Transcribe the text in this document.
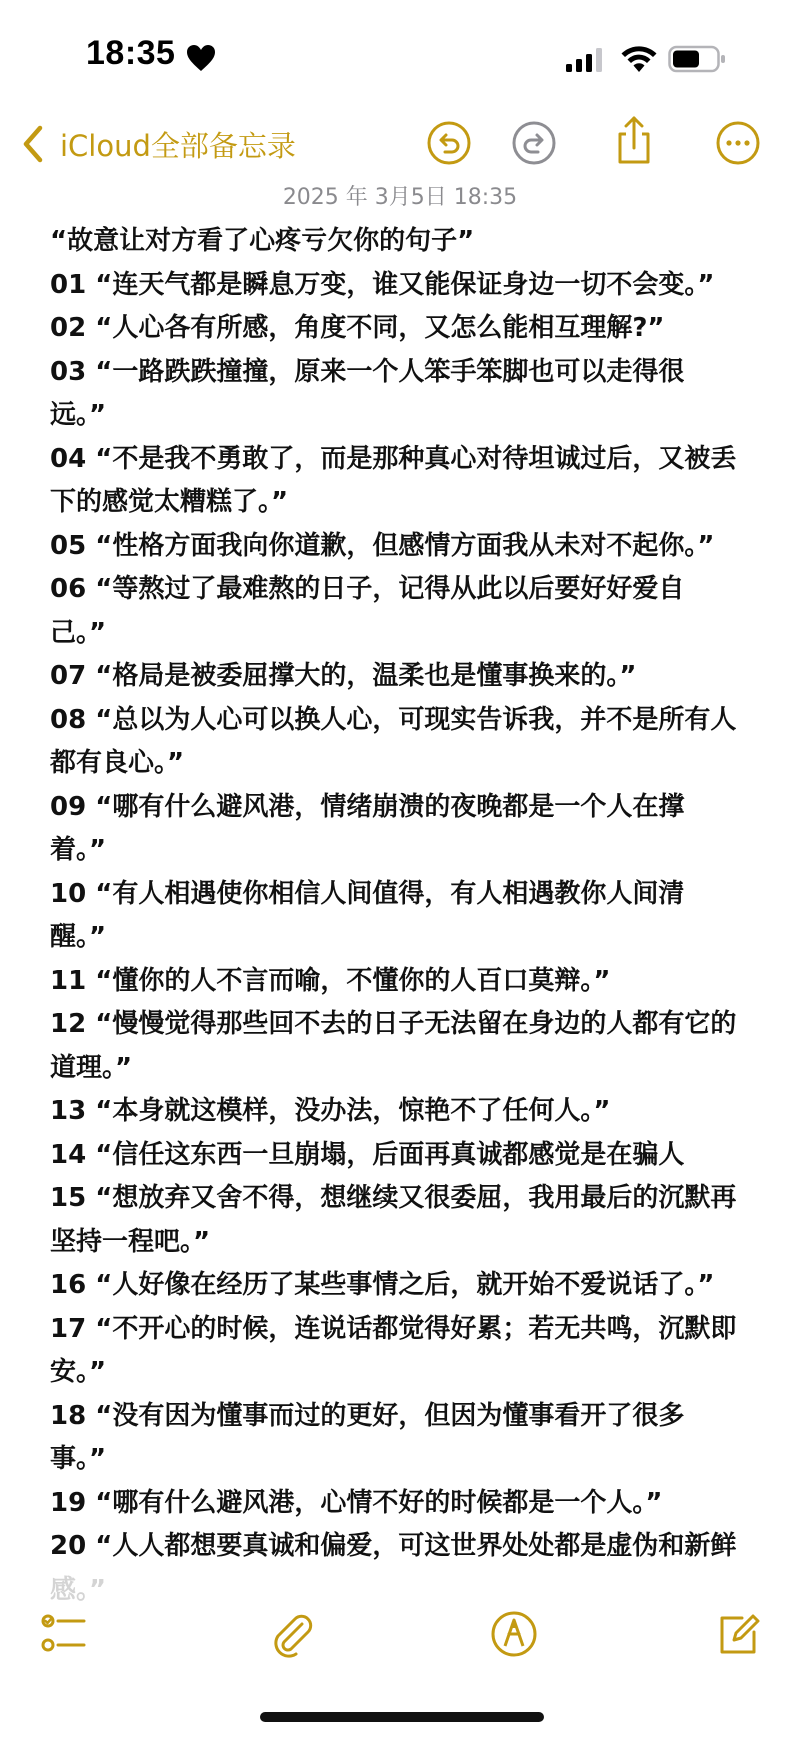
18:35
iCloud全部备忘录
2025 年 3月5日 18:35

“故意让对方看了心疼亏欠你的句子”

01 “连天气都是瞬息万变，谁又能保证身边一切不会变。”

02 “人心各有所感，角度不同，又怎么能相互理解?”

03 “一路跌跌撞撞，原来一个人笨手笨脚也可以走得很远。”

04 “不是我不勇敢了，而是那种真心对待坦诚过后，又被丢下的感觉太糟糕了。”

05 “性格方面我向你道歉，但感情方面我从未对不起你。”

06 “等熬过了最难熬的日子，记得从此以后要好好爱自己。”

07 “格局是被委屈撑大的，温柔也是懂事换来的。”

08 “总以为人心可以换人心，可现实告诉我，并不是所有人都有良心。”

09 “哪有什么避风港，情绪崩溃的夜晚都是一个人在撑着。”

10 “有人相遇使你相信人间值得，有人相遇教你人间清醒。”

11 “懂你的人不言而喻，不懂你的人百口莫辩。”

12 “慢慢觉得那些回不去的日子无法留在身边的人都有它的道理。”

13 “本身就这模样，没办法，惊艳不了任何人。”

14 “信任这东西一旦崩塌，后面再真诚都感觉是在骗人

15 “想放弃又舍不得，想继续又很委屈，我用最后的沉默再坚持一程吧。”

16 “人好像在经历了某些事情之后，就开始不爱说话了。”

17 “不开心的时候，连说话都觉得好累；若无共鸣，沉默即安。”

18 “没有因为懂事而过的更好，但因为懂事看开了很多事。”

19 “哪有什么避风港，心情不好的时候都是一个人。”

20 “人人都想要真诚和偏爱，可这世界处处都是虚伪和新鲜
